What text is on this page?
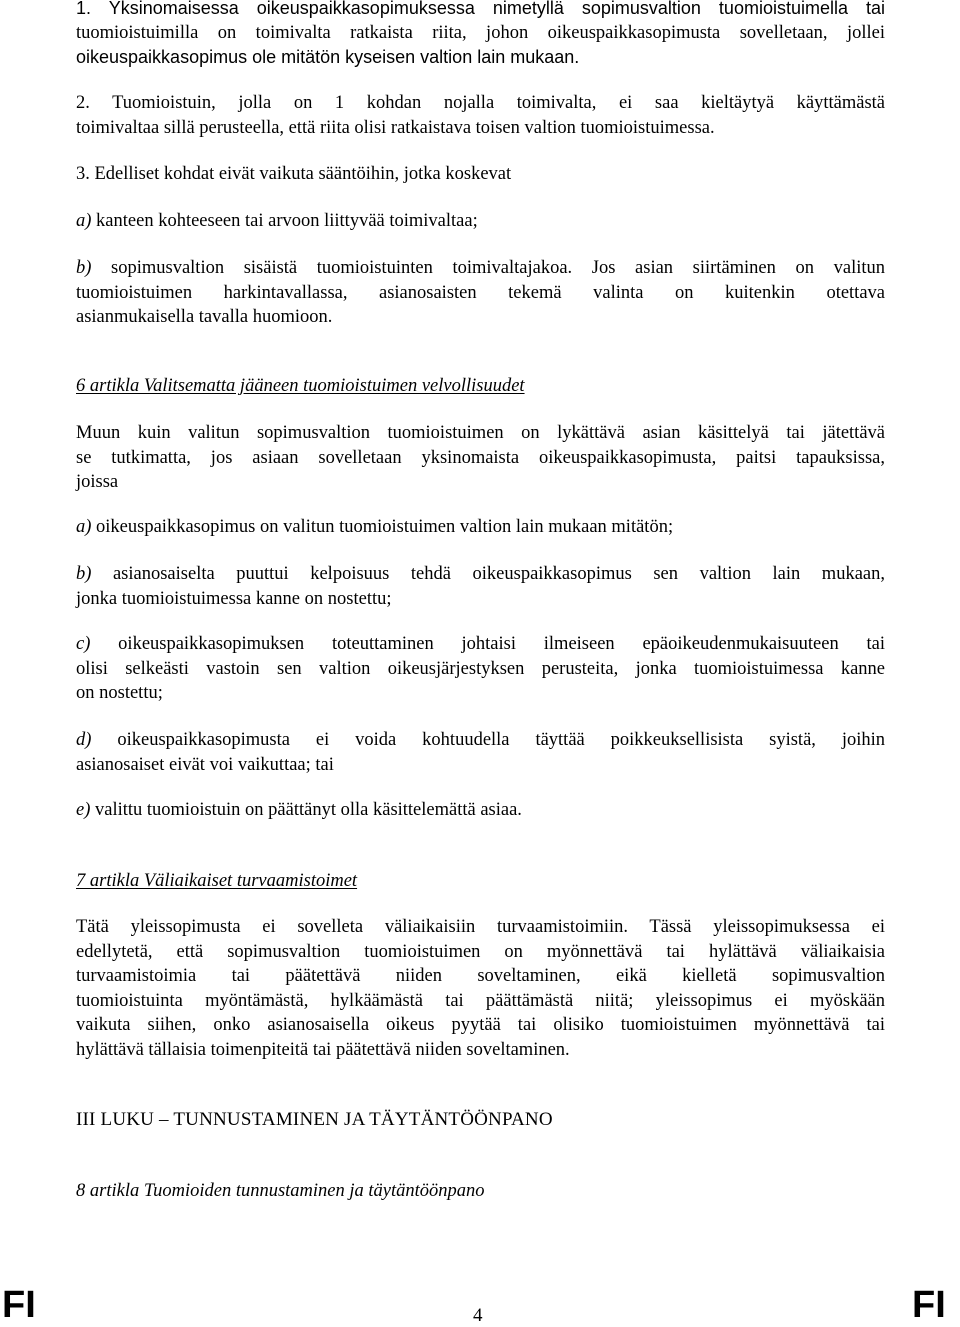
1. Yksinomaisessa oikeuspaikkasopimuksessa nimetyllä sopimusvaltion tuomioistuimella tai

tuomioistuimilla on toimivalta ratkaista riita, johon oikeuspaikkasopimusta sovelletaan, jollei

oikeuspaikkasopimus ole mitätön kyseisen valtion lain mukaan.

2. Tuomioistuin, jolla on 1 kohdan nojalla toimivalta, ei saa kieltäytyä käyttämästä

toimivaltaa sillä perusteella, että riita olisi ratkaistava toisen valtion tuomioistuimessa.

3. Edelliset kohdat eivät vaikuta sääntöihin, jotka koskevat

a) kanteen kohteeseen tai arvoon liittyvää toimivaltaa;

b) sopimusvaltion sisäistä tuomioistuinten toimivaltajakoa. Jos asian siirtäminen on valitun

tuomioistuimen harkintavallassa, asianosaisten tekemä valinta on kuitenkin otettava

asianmukaisella tavalla huomioon.

6 artikla Valitsematta jääneen tuomioistuimen velvollisuudet

Muun kuin valitun sopimusvaltion tuomioistuimen on lykättävä asian käsittelyä tai jätettävä

se tutkimatta, jos asiaan sovelletaan yksinomaista oikeuspaikkasopimusta, paitsi tapauksissa,

joissa

a) oikeuspaikkasopimus on valitun tuomioistuimen valtion lain mukaan mitätön;

b) asianosaiselta puuttui kelpoisuus tehdä oikeuspaikkasopimus sen valtion lain mukaan,

jonka tuomioistuimessa kanne on nostettu;

c) oikeuspaikkasopimuksen toteuttaminen johtaisi ilmeiseen epäoikeudenmukaisuuteen tai

olisi selkeästi vastoin sen valtion oikeusjärjestyksen perusteita, jonka tuomioistuimessa kanne

on nostettu;

d) oikeuspaikkasopimusta ei voida kohtuudella täyttää poikkeuksellisista syistä, joihin

asianosaiset eivät voi vaikuttaa; tai

e) valittu tuomioistuin on päättänyt olla käsittelemättä asiaa.

7 artikla Väliaikaiset turvaamistoimet

Tätä yleissopimusta ei sovelleta väliaikaisiin turvaamistoimiin. Tässä yleissopimuksessa ei

edellytetä, että sopimusvaltion tuomioistuimen on myönnettävä tai hylättävä väliaikaisia

turvaamistoimia tai päätettävä niiden soveltaminen, eikä kielletä sopimusvaltion

tuomioistuinta myöntämästä, hylkäämästä tai päättämästä niitä; yleissopimus ei myöskään

vaikuta siihen, onko asianosaisella oikeus pyytää tai olisiko tuomioistuimen myönnettävä tai

hylättävä tällaisia toimenpiteitä tai päätettävä niiden soveltaminen.

III LUKU – TUNNUSTAMINEN JA TÄYTÄNTÖÖNPANO

8 artikla Tuomioiden tunnustaminen ja täytäntöönpano

FI	4	FI
